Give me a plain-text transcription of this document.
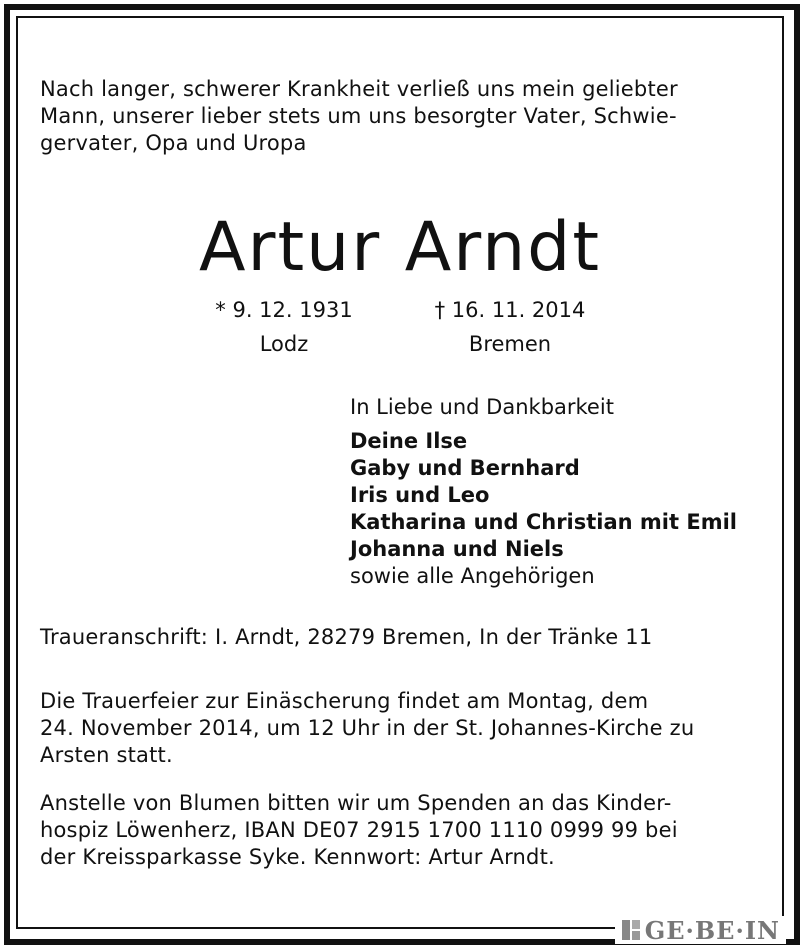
Nach langer, schwerer Krankheit verließ uns mein geliebter
Mann, unserer lieber stets um uns besorgter Vater, Schwie-
gervater, Opa und Uropa
Artur Arndt
* 9. 12. 1931
Lodz
† 16. 11. 2014
Bremen
In Liebe und Dankbarkeit
Deine Ilse
Gaby und Bernhard
Iris und Leo
Katharina und Christian mit Emil
Johanna und Niels
sowie alle Angehörigen
Traueranschrift: I. Arndt, 28279 Bremen, In der Tränke 11
Die Trauerfeier zur Einäscherung findet am Montag, dem
24. November 2014, um 12 Uhr in der St. Johannes-Kirche zu
Arsten statt.
Anstelle von Blumen bitten wir um Spenden an das Kinder-
hospiz Löwenherz, IBAN DE07 2915 1700 1110 0999 99 bei
der Kreissparkasse Syke. Kennwort: Artur Arndt.
GE·BE·IN
